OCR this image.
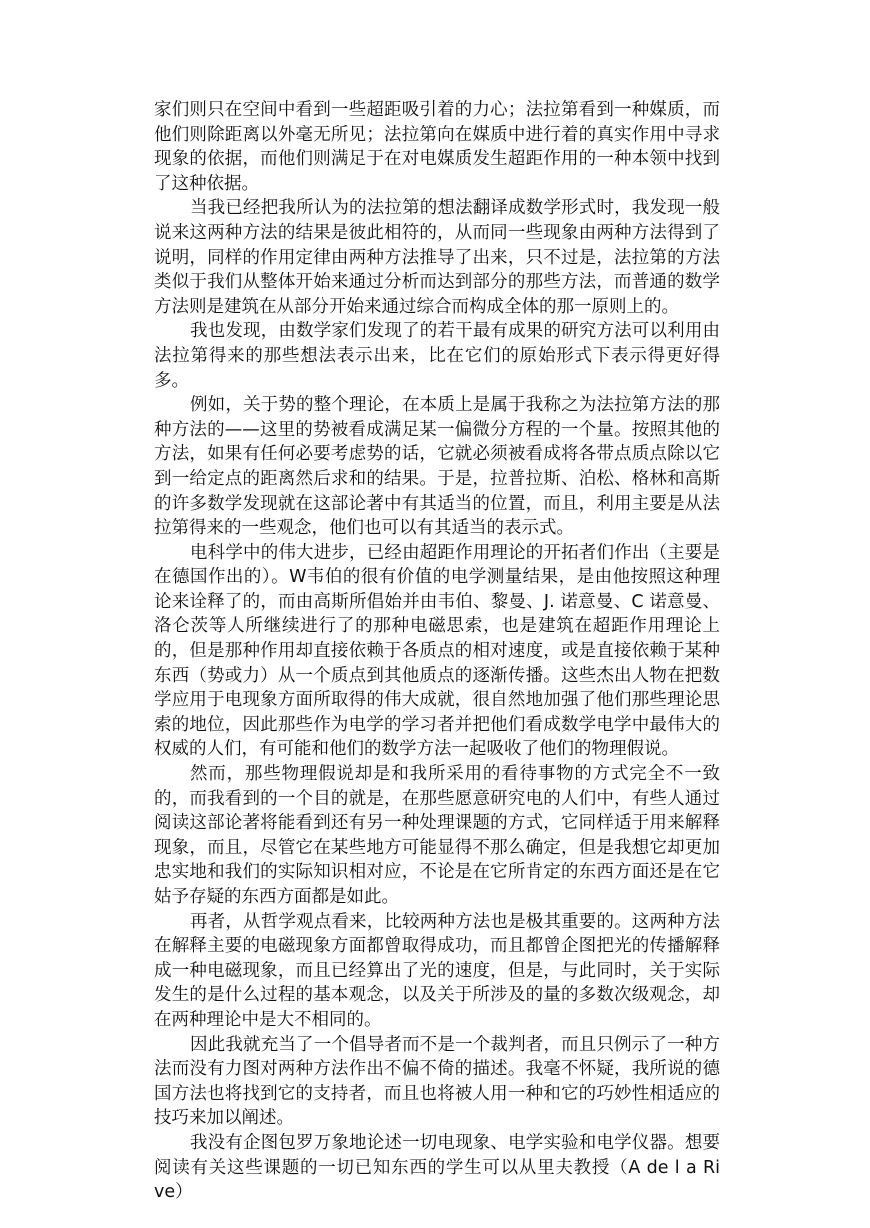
家们则只在空间中看到一些超距吸引着的力心；法拉第看到一种媒质，而他们则除距离以外毫无所见；法拉第向在媒质中进行着的真实作用中寻求现象的依据，而他们则满足于在对电媒质发生超距作用的一种本领中找到了这种依据。

当我已经把我所认为的法拉第的想法翻译成数学形式时，我发现一般说来这两种方法的结果是彼此相符的，从而同一些现象由两种方法得到了说明，同样的作用定律由两种方法推导了出来，只不过是，法拉第的方法类似于我们从整体开始来通过分析而达到部分的那些方法，而普通的数学方法则是建筑在从部分开始来通过综合而构成全体的那一原则上的。

我也发现，由数学家们发现了的若干最有成果的研究方法可以利用由法拉第得来的那些想法表示出来，比在它们的原始形式下表示得更好得多。

例如，关于势的整个理论，在本质上是属于我称之为法拉第方法的那种方法的——这里的势被看成满足某一偏微分方程的一个量。按照其他的方法，如果有任何必要考虑势的话，它就必须被看成将各带点质点除以它到一给定点的距离然后求和的结果。于是，拉普拉斯、泊松、格林和高斯的许多数学发现就在这部论著中有其适当的位置，而且，利用主要是从法拉第得来的一些观念，他们也可以有其适当的表示式。

电科学中的伟大进步，已经由超距作用理论的开拓者们作出（主要是在德国作出的）。W韦伯的很有价值的电学测量结果，是由他按照这种理论来诠释了的，而由高斯所倡始并由韦伯、黎曼、J. 诺意曼、C 诺意曼、洛仑茨等人所继续进行了的那种电磁思索，也是建筑在超距作用理论上的，但是那种作用却直接依赖于各质点的相对速度，或是直接依赖于某种东西（势或力）从一个质点到其他质点的逐渐传播。这些杰出人物在把数学应用于电现象方面所取得的伟大成就，很自然地加强了他们那些理论思索的地位，因此那些作为电学的学习者并把他们看成数学电学中最伟大的权威的人们，有可能和他们的数学方法一起吸收了他们的物理假说。

然而，那些物理假说却是和我所采用的看待事物的方式完全不一致的，而我看到的一个目的就是，在那些愿意研究电的人们中，有些人通过阅读这部论著将能看到还有另一种处理课题的方式，它同样适于用来解释现象，而且，尽管它在某些地方可能显得不那么确定，但是我想它却更加忠实地和我们的实际知识相对应，不论是在它所肯定的东西方面还是在它姑予存疑的东西方面都是如此。

再者，从哲学观点看来，比较两种方法也是极其重要的。这两种方法在解释主要的电磁现象方面都曾取得成功，而且都曾企图把光的传播解释成一种电磁现象，而且已经算出了光的速度，但是，与此同时，关于实际发生的是什么过程的基本观念，以及关于所涉及的量的多数次级观念，却在两种理论中是大不相同的。

因此我就充当了一个倡导者而不是一个裁判者，而且只例示了一种方法而没有力图对两种方法作出不偏不倚的描述。我毫不怀疑，我所说的德国方法也将找到它的支持者，而且也将被人用一种和它的巧妙性相适应的技巧来加以阐述。

我没有企图包罗万象地论述一切电现象、电学实验和电学仪器。想要阅读有关这些课题的一切已知东西的学生可以从里夫教授（A de l a Ri ve）
